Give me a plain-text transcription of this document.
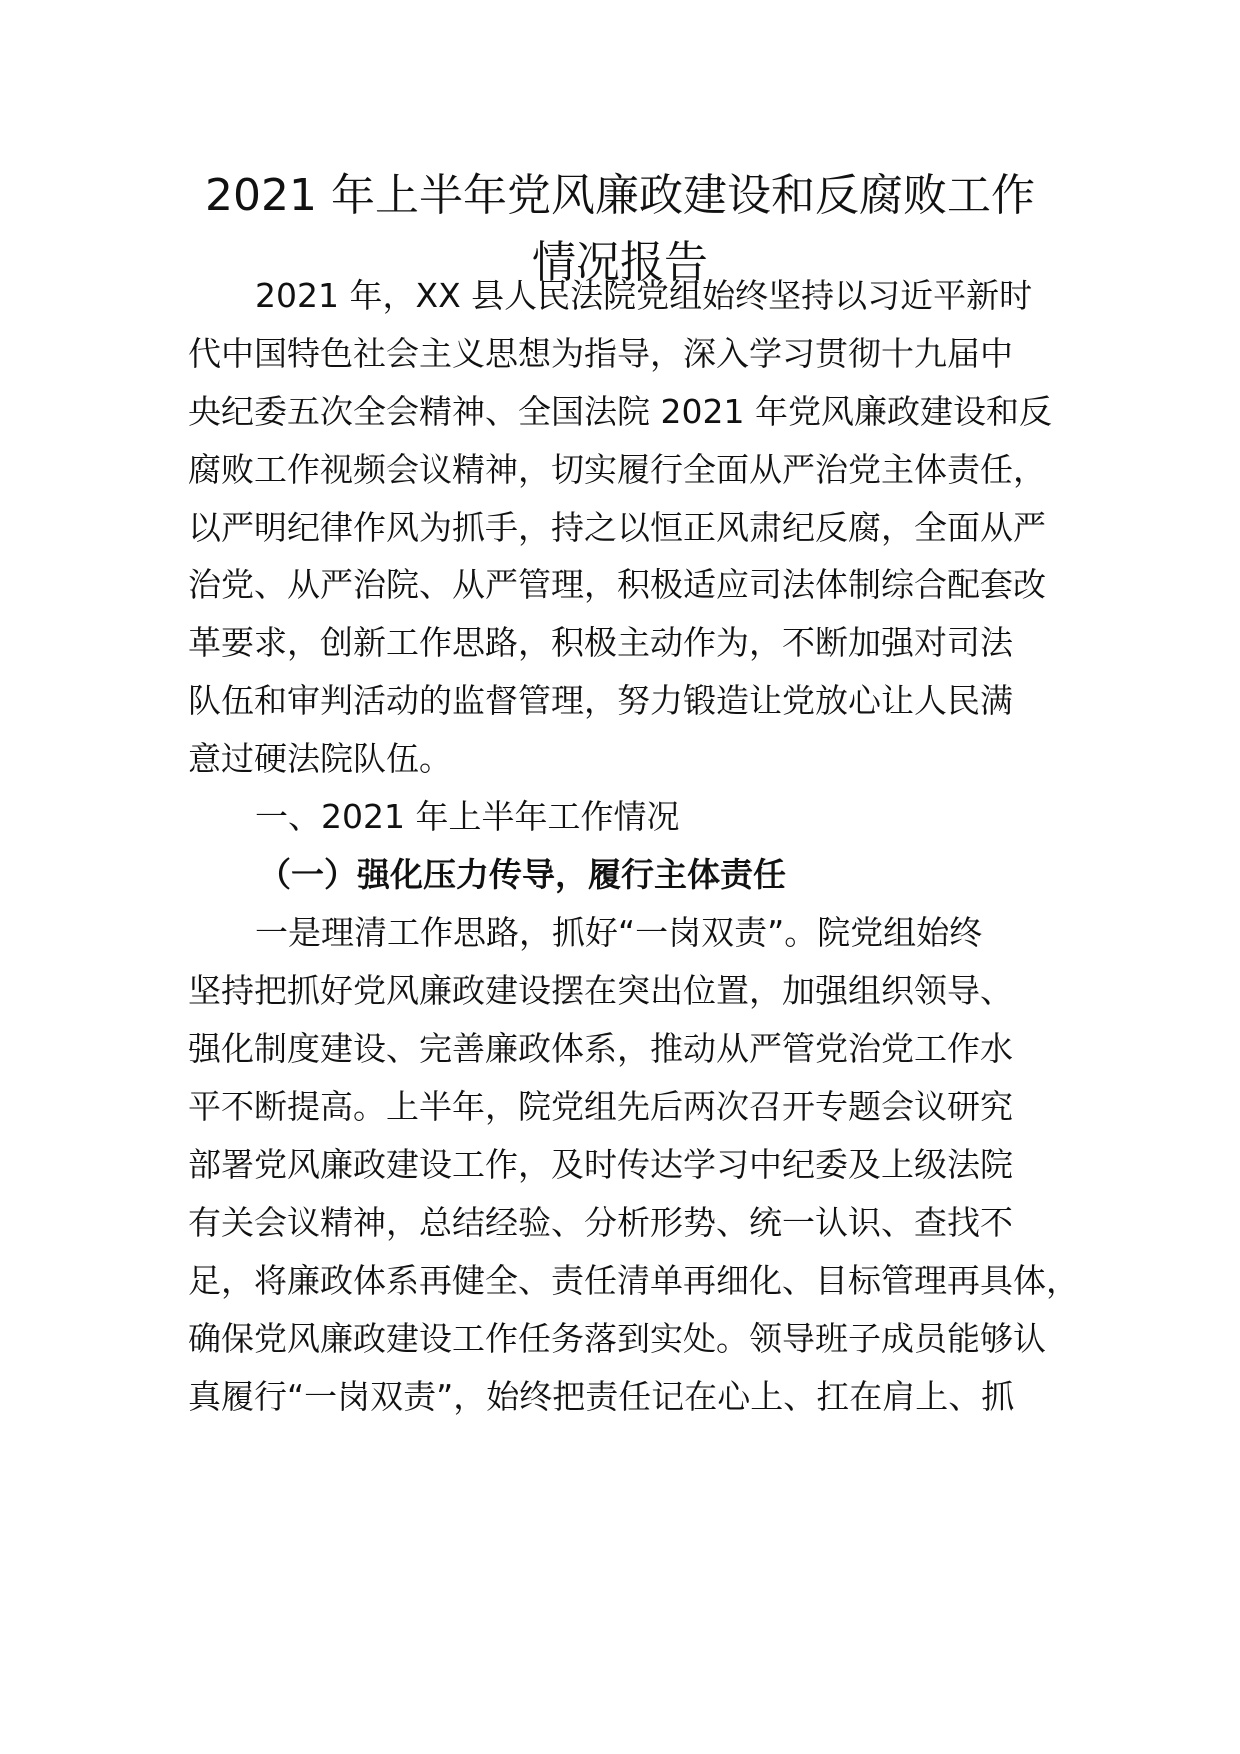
2021 年上半年党风廉政建设和反腐败工作
情况报告

2021 年，XX 县人民法院党组始终坚持以习近平新时

代中国特色社会主义思想为指导，深入学习贯彻十九届中

央纪委五次全会精神、全国法院 2021 年党风廉政建设和反

腐败工作视频会议精神，切实履行全面从严治党主体责任，

以严明纪律作风为抓手，持之以恒正风肃纪反腐，全面从严

治党、从严治院、从严管理，积极适应司法体制综合配套改

革要求，创新工作思路，积极主动作为，不断加强对司法

队伍和审判活动的监督管理，努力锻造让党放心让人民满

意过硬法院队伍。

一、2021 年上半年工作情况

（一）强化压力传导，履行主体责任

一是理清工作思路，抓好“一岗双责”。院党组始终

坚持把抓好党风廉政建设摆在突出位置，加强组织领导、

强化制度建设、完善廉政体系，推动从严管党治党工作水

平不断提高。上半年，院党组先后两次召开专题会议研究

部署党风廉政建设工作，及时传达学习中纪委及上级法院

有关会议精神，总结经验、分析形势、统一认识、查找不

足，将廉政体系再健全、责任清单再细化、目标管理再具体，

确保党风廉政建设工作任务落到实处。领导班子成员能够认

真履行“一岗双责”，始终把责任记在心上、扛在肩上、抓
